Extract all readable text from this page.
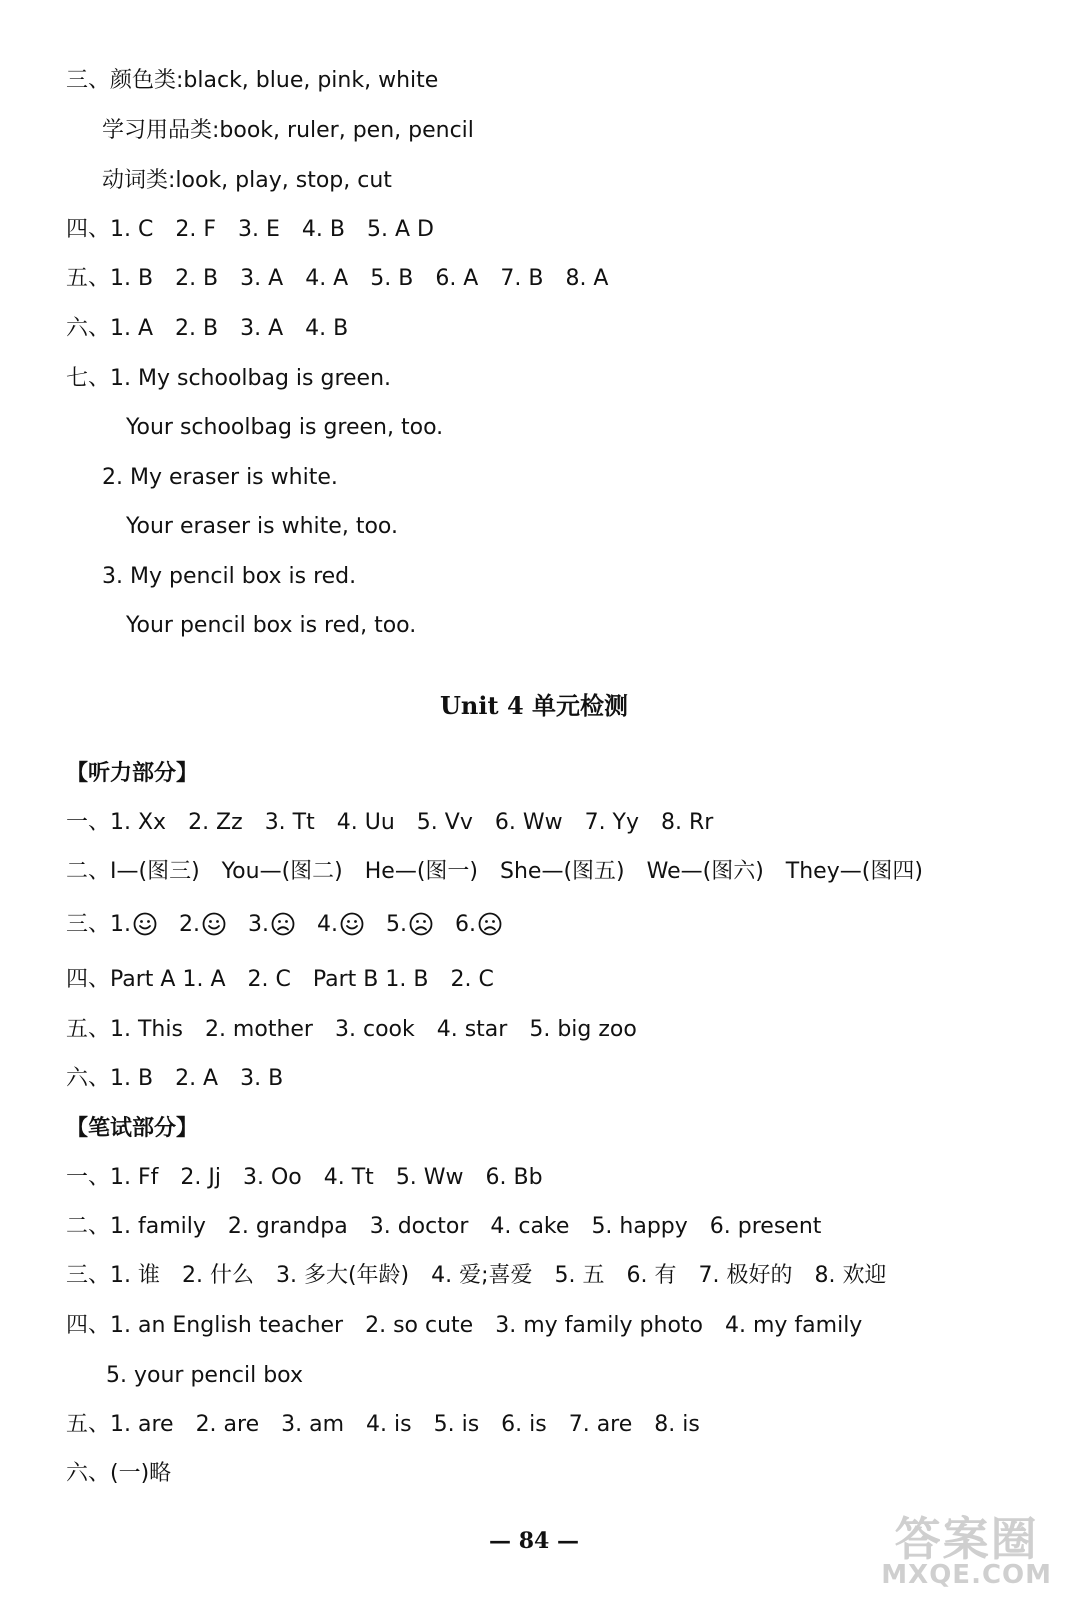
三、颜色类:black, blue, pink, white
学习用品类:book, ruler, pen, pencil
动词类:look, play, stop, cut
四、1. C 2. F 3. E 4. B 5. A D
五、1. B 2. B 3. A 4. A 5. B 6. A 7. B 8. A
六、1. A 2. B 3. A 4. B
七、1. My schoolbag is green.
Your schoolbag is green, too.
2. My eraser is white.
Your eraser is white, too.
3. My pencil box is red.
Your pencil box is red, too.
Unit 4 单元检测
【听力部分】
一、1. Xx 2. Zz 3. Tt 4. Uu 5. Vv 6. Ww 7. Yy 8. Rr
二、I—(图三) You—(图二) He—(图一) She—(图五) We—(图六) They—(图四)
三、1. 2. 3. 4. 5. 6.
四、Part A 1. A 2. C Part B 1. B 2. C
五、1. This 2. mother 3. cook 4. star 5. big zoo
六、1. B 2. A 3. B
【笔试部分】
一、1. Ff 2. Jj 3. Oo 4. Tt 5. Ww 6. Bb
二、1. family 2. grandpa 3. doctor 4. cake 5. happy 6. present
三、1. 谁 2. 什么 3. 多大(年龄) 4. 爱;喜爱 5. 五 6. 有 7. 极好的 8. 欢迎
四、1. an English teacher 2. so cute 3. my family photo 4. my family
5. your pencil box
五、1. are 2. are 3. am 4. is 5. is 6. is 7. are 8. is
六、(一)略
— 84 —	答案圈
MXQE.COM
